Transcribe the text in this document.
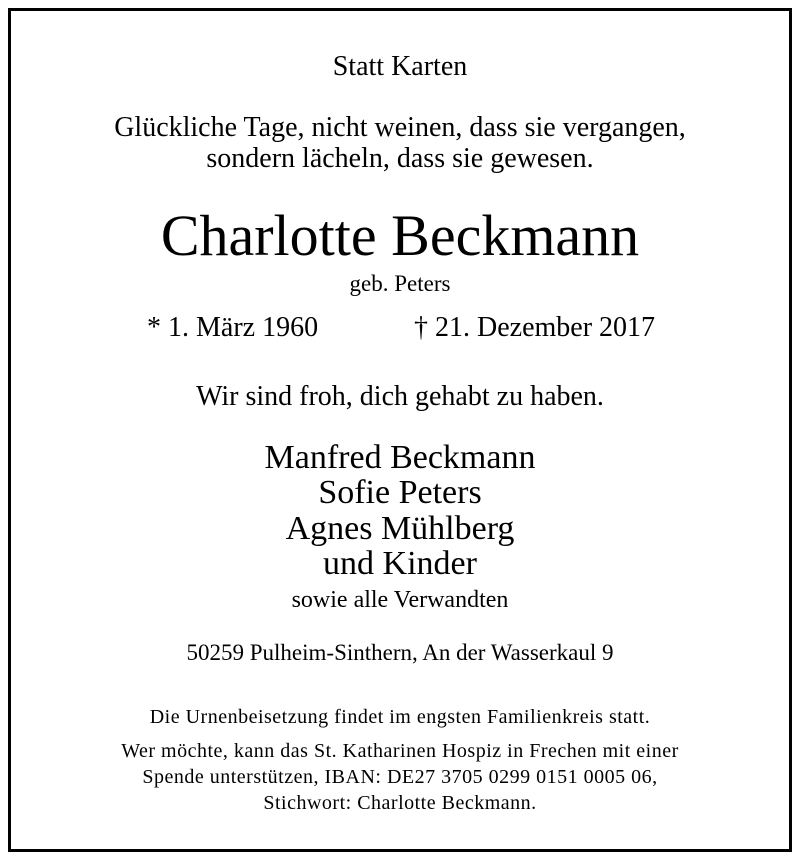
Statt Karten
Glückliche Tage, nicht weinen, dass sie vergangen,
sondern lächeln, dass sie gewesen.
Charlotte Beckmann
geb. Peters
* 1. März 1960	† 21. Dezember 2017
Wir sind froh, dich gehabt zu haben.
Manfred Beckmann
Sofie Peters
Agnes Mühlberg
und Kinder
sowie alle Verwandten
50259 Pulheim-Sinthern, An der Wasserkaul 9
Die Urnenbeisetzung findet im engsten Familienkreis statt.
Wer möchte, kann das St. Katharinen Hospiz in Frechen mit einer
Spende unterstützen, IBAN: DE27 3705 0299 0151 0005 06,
Stichwort: Charlotte Beckmann.
